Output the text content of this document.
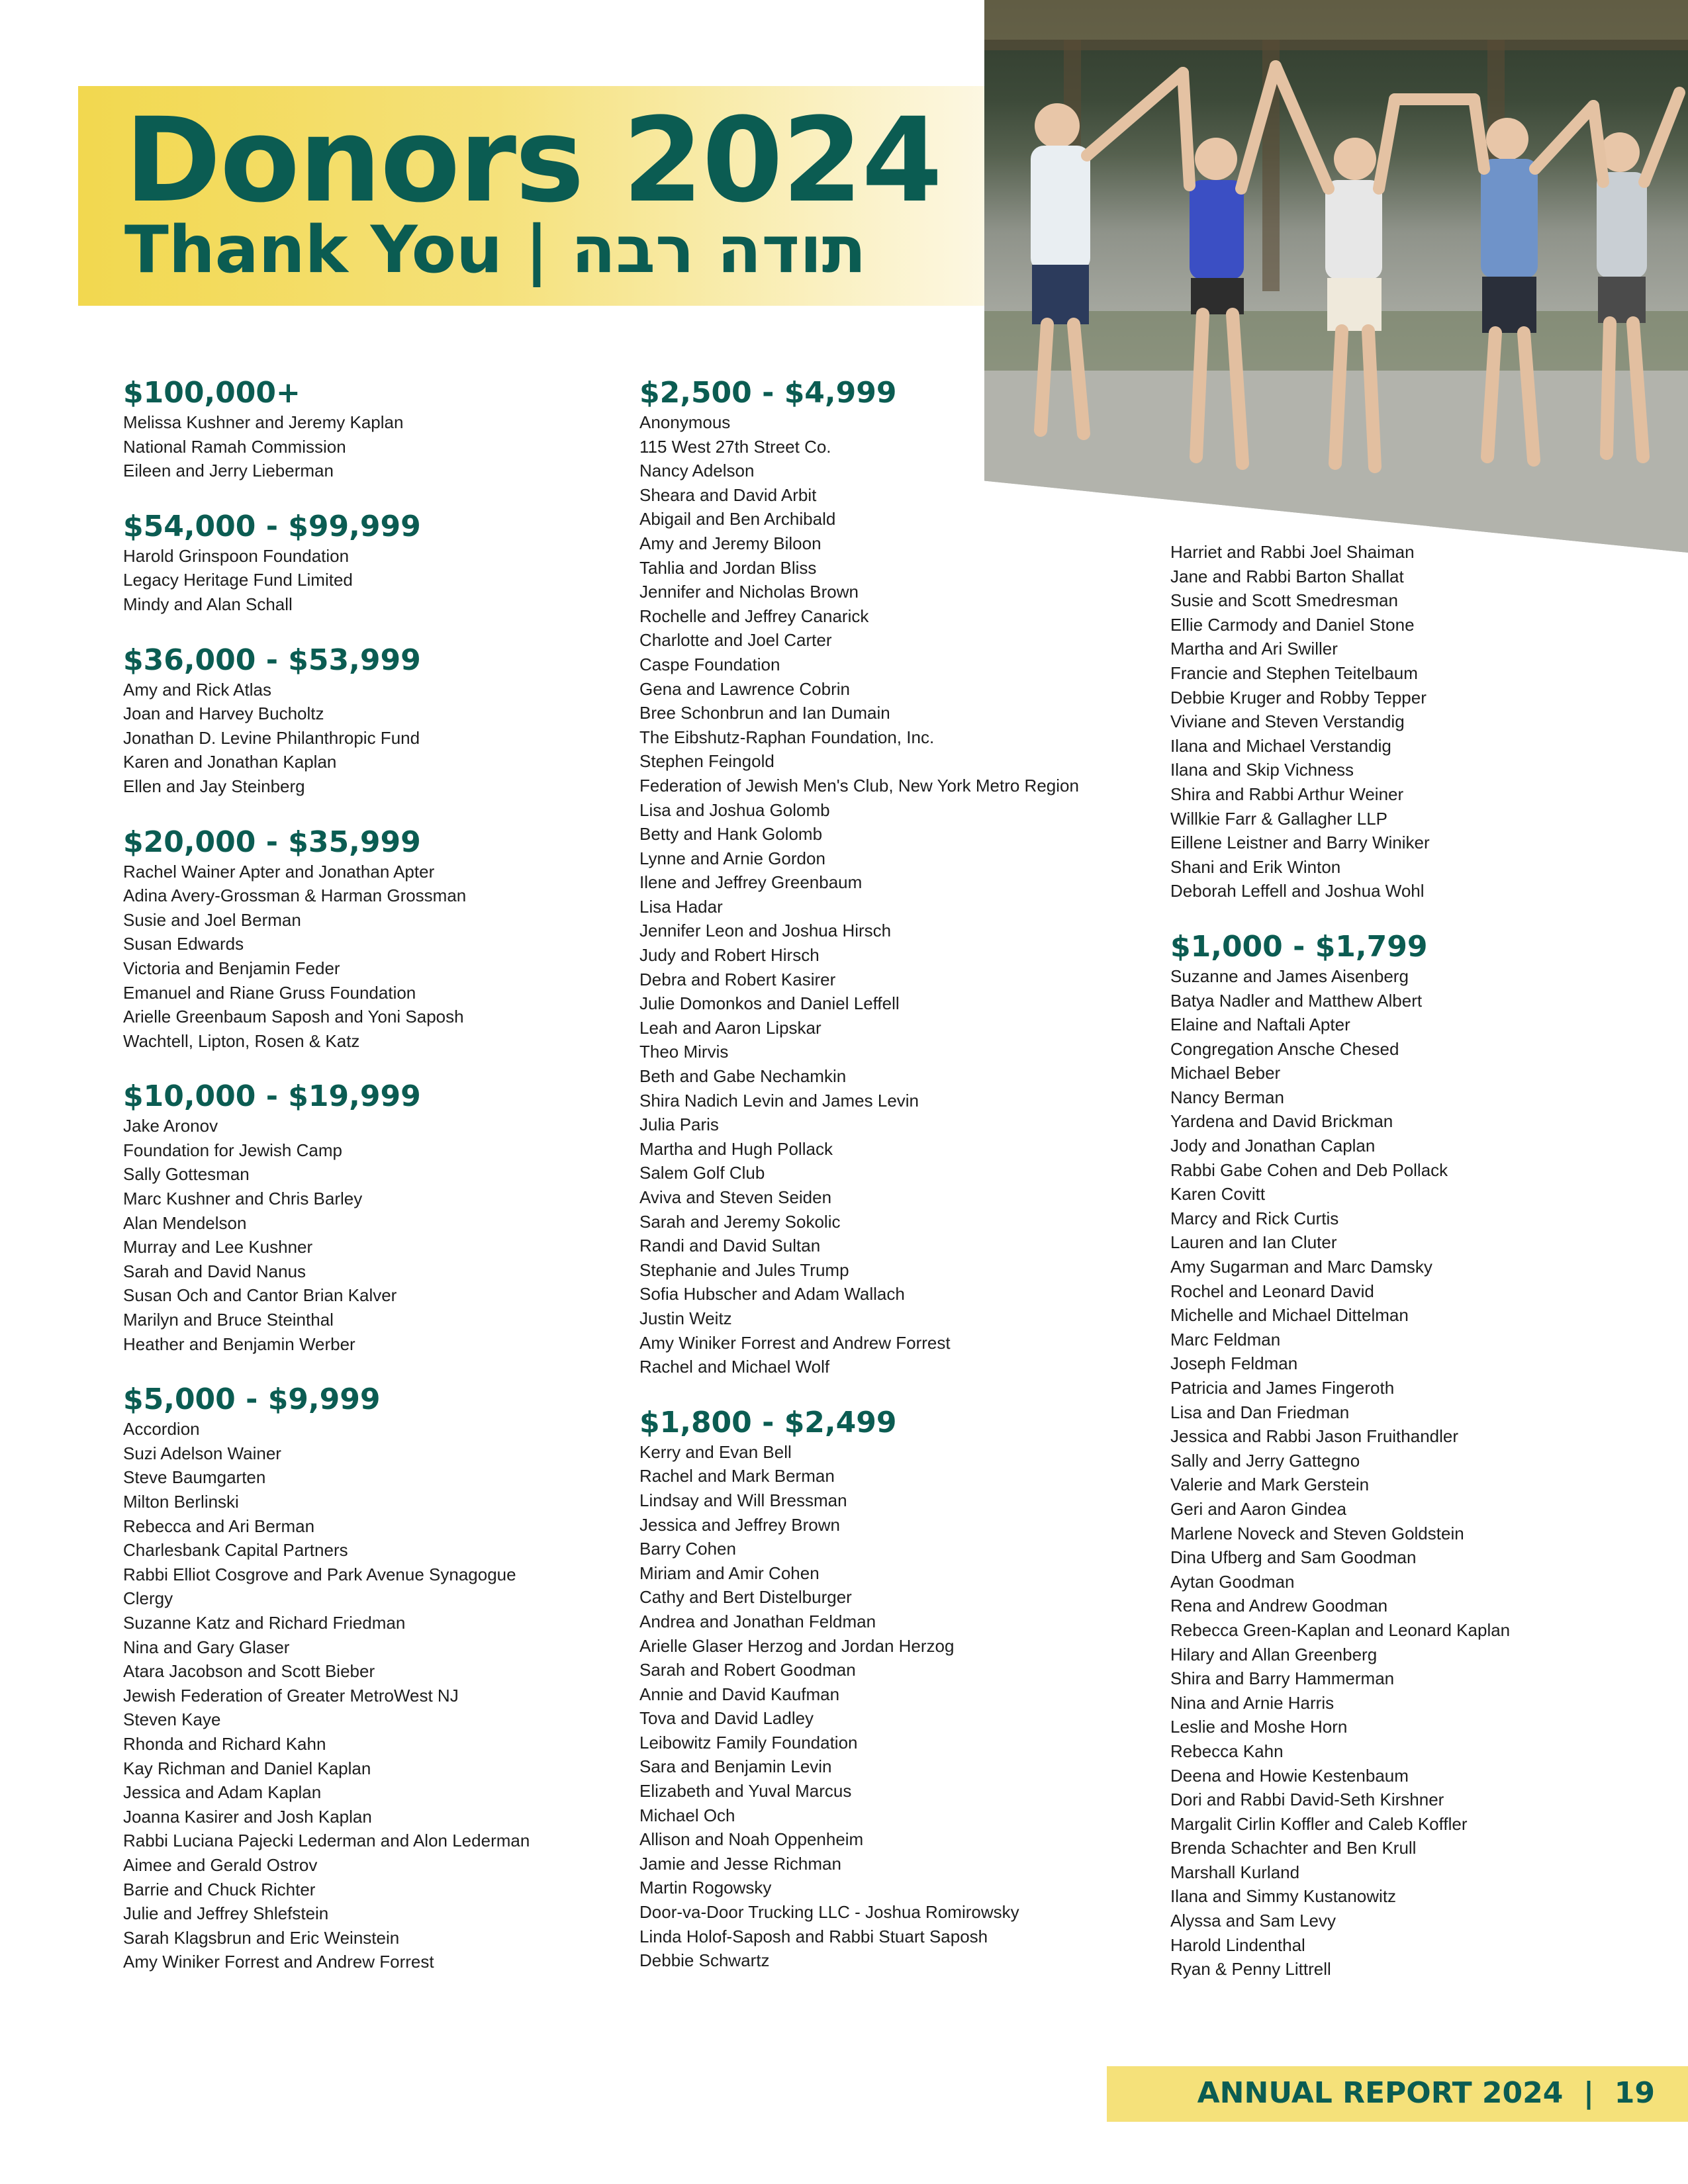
Donors 2024
Thank You | תודה רבה
$100,000+
Melissa Kushner and Jeremy Kaplan
National Ramah Commission
Eileen and Jerry Lieberman
$54,000 - $99,999
Harold Grinspoon Foundation
Legacy Heritage Fund Limited
Mindy and Alan Schall
$36,000 - $53,999
Amy and Rick Atlas
Joan and Harvey Bucholtz
Jonathan D. Levine Philanthropic Fund
Karen and Jonathan Kaplan
Ellen and Jay Steinberg
$20,000 - $35,999
Rachel Wainer Apter and Jonathan Apter
Adina Avery-Grossman & Harman Grossman
Susie and Joel Berman
Susan Edwards
Victoria and Benjamin Feder
Emanuel and Riane Gruss Foundation
Arielle Greenbaum Saposh and Yoni Saposh
Wachtell, Lipton, Rosen & Katz
$10,000 - $19,999
Jake Aronov
Foundation for Jewish Camp
Sally Gottesman
Marc Kushner and Chris Barley
Alan Mendelson
Murray and Lee Kushner
Sarah and David Nanus
Susan Och and Cantor Brian Kalver
Marilyn and Bruce Steinthal
Heather and Benjamin Werber
$5,000 - $9,999
Accordion
Suzi Adelson Wainer
Steve Baumgarten
Milton Berlinski
Rebecca and Ari Berman
Charlesbank Capital Partners
Rabbi Elliot Cosgrove and Park Avenue Synagogue
Clergy
Suzanne Katz and Richard Friedman
Nina and Gary Glaser
Atara Jacobson and Scott Bieber
Jewish Federation of Greater MetroWest NJ
Steven Kaye
Rhonda and Richard Kahn
Kay Richman and Daniel Kaplan
Jessica and Adam Kaplan
Joanna Kasirer and Josh Kaplan
Rabbi Luciana Pajecki Lederman and Alon Lederman
Aimee and Gerald Ostrov
Barrie and Chuck Richter
Julie and Jeffrey Shlefstein
Sarah Klagsbrun and Eric Weinstein
Amy Winiker Forrest and Andrew Forrest
$2,500 - $4,999
Anonymous
115 West 27th Street Co.
Nancy Adelson
Sheara and David Arbit
Abigail and Ben Archibald
Amy and Jeremy Biloon
Tahlia and Jordan Bliss
Jennifer and Nicholas Brown
Rochelle and Jeffrey Canarick
Charlotte and Joel Carter
Caspe Foundation
Gena and Lawrence Cobrin
Bree Schonbrun and Ian Dumain
The Eibshutz-Raphan Foundation, Inc.
Stephen Feingold
Federation of Jewish Men's Club, New York Metro Region
Lisa and Joshua Golomb
Betty and Hank Golomb
Lynne and Arnie Gordon
Ilene and Jeffrey Greenbaum
Lisa Hadar
Jennifer Leon and Joshua Hirsch
Judy and Robert Hirsch
Debra and Robert Kasirer
Julie Domonkos and Daniel Leffell
Leah and Aaron Lipskar
Theo Mirvis
Beth and Gabe Nechamkin
Shira Nadich Levin and James Levin
Julia Paris
Martha and Hugh Pollack
Salem Golf Club
Aviva and Steven Seiden
Sarah and Jeremy Sokolic
Randi and David Sultan
Stephanie and Jules Trump
Sofia Hubscher and Adam Wallach
Justin Weitz
Amy Winiker Forrest and Andrew Forrest
Rachel and Michael Wolf
$1,800 - $2,499
Kerry and Evan Bell
Rachel and Mark Berman
Lindsay and Will Bressman
Jessica and Jeffrey Brown
Barry Cohen
Miriam and Amir Cohen
Cathy and Bert Distelburger
Andrea and Jonathan Feldman
Arielle Glaser Herzog and Jordan Herzog
Sarah and Robert Goodman
Annie and David Kaufman
Tova and David Ladley
Leibowitz Family Foundation
Sara and Benjamin Levin
Elizabeth and Yuval Marcus
Michael Och
Allison and Noah Oppenheim
Jamie and Jesse Richman
Martin Rogowsky
Door-va-Door Trucking LLC - Joshua Romirowsky
Linda Holof-Saposh and Rabbi Stuart Saposh
Debbie Schwartz
Harriet and Rabbi Joel Shaiman
Jane and Rabbi Barton Shallat
Susie and Scott Smedresman
Ellie Carmody and Daniel Stone
Martha and Ari Swiller
Francie and Stephen Teitelbaum
Debbie Kruger and Robby Tepper
Viviane and Steven Verstandig
Ilana and Michael Verstandig
Ilana and Skip Vichness
Shira and Rabbi Arthur Weiner
Willkie Farr & Gallagher LLP
Eillene Leistner and Barry Winiker
Shani and Erik Winton
Deborah Leffell and Joshua Wohl
$1,000 - $1,799
Suzanne and James Aisenberg
Batya Nadler and Matthew Albert
Elaine and Naftali Apter
Congregation Ansche Chesed
Michael Beber
Nancy Berman
Yardena and David Brickman
Jody and Jonathan Caplan
Rabbi Gabe Cohen and Deb Pollack
Karen Covitt
Marcy and Rick Curtis
Lauren and Ian Cluter
Amy Sugarman and Marc Damsky
Rochel and Leonard David
Michelle and Michael Dittelman
Marc Feldman
Joseph Feldman
Patricia and James Fingeroth
Lisa and Dan Friedman
Jessica and Rabbi Jason Fruithandler
Sally and Jerry Gattegno
Valerie and Mark Gerstein
Geri and Aaron Gindea
Marlene Noveck and Steven Goldstein
Dina Ufberg and Sam Goodman
Aytan Goodman
Rena and Andrew Goodman
Rebecca Green-Kaplan and Leonard Kaplan
Hilary and Allan Greenberg
Shira and Barry Hammerman
Nina and Arnie Harris
Leslie and Moshe Horn
Rebecca Kahn
Deena and Howie Kestenbaum
Dori and Rabbi David-Seth Kirshner
Margalit Cirlin Koffler and Caleb Koffler
Brenda Schachter and Ben Krull
Marshall Kurland
Ilana and Simmy Kustanowitz
Alyssa and Sam Levy
Harold Lindenthal
Ryan & Penny Littrell
ANNUAL REPORT 2024 | 19
